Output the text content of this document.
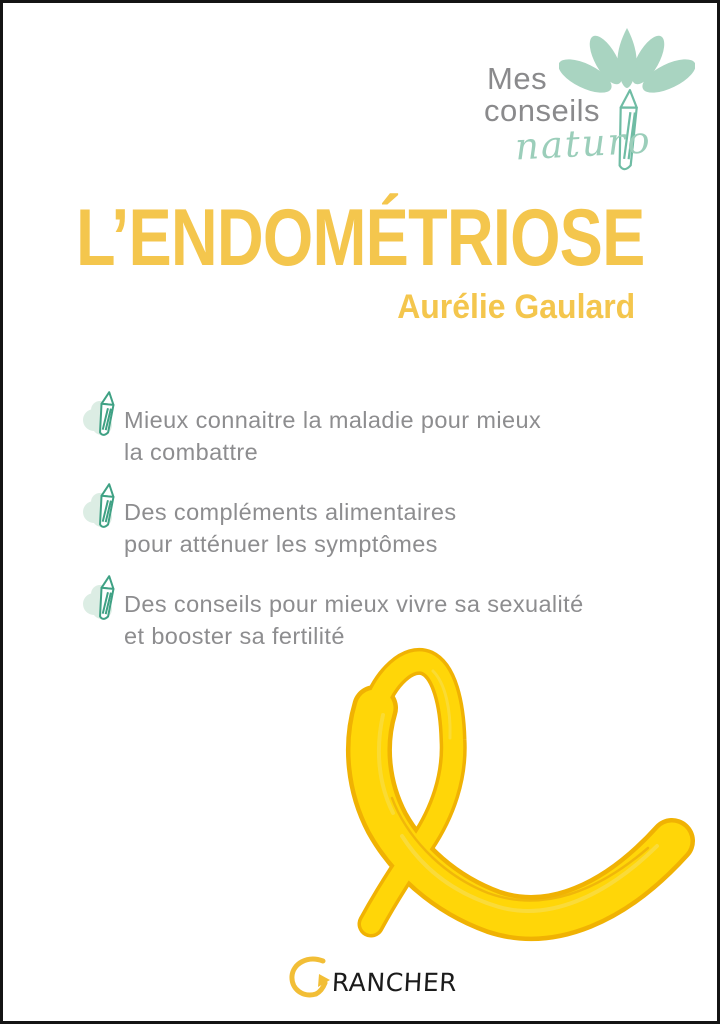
Mes
conseils
naturo
L’ENDOMÉTRIOSE
Aurélie Gaulard
Mieux connaitre la maladie pour mieux
la combattre
Des compléments alimentaires
pour atténuer les symptômes
Des conseils pour mieux vivre sa sexualité
et booster sa fertilité
RANCHER
